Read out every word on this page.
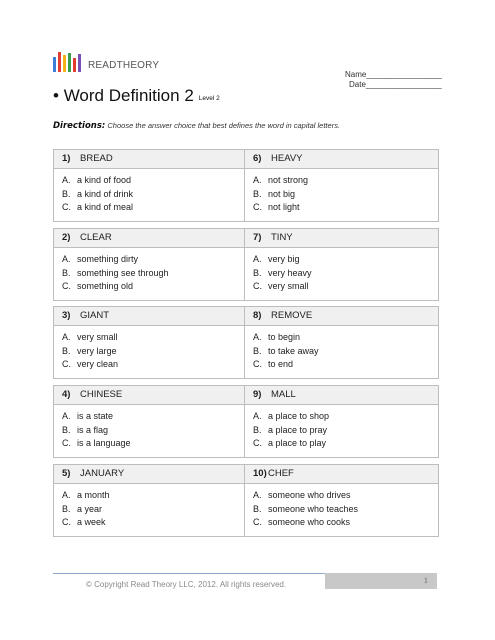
READTHEORY
Name_________________
Date_________________
• Word Definition 2 Level 2
Directions: Choose the answer choice that best defines the word in capital letters.
1) BREAD
A. a kind of food
B. a kind of drink
C. a kind of meal
2) CLEAR
A. something dirty
B. something see through
C. something old
3) GIANT
A. very small
B. very large
C. very clean
4) CHINESE
A. is a state
B. is a flag
C. is a language
5) JANUARY
A. a month
B. a year
C. a week
6) HEAVY
A. not strong
B. not big
C. not light
7) TINY
A. very big
B. very heavy
C. very small
8) REMOVE
A. to begin
B. to take away
C. to end
9) MALL
A. a place to shop
B. a place to pray
C. a place to play
10)CHEF
A. someone who drives
B. someone who teaches
C. someone who cooks
© Copyright Read Theory LLC, 2012. All rights reserved.	1
